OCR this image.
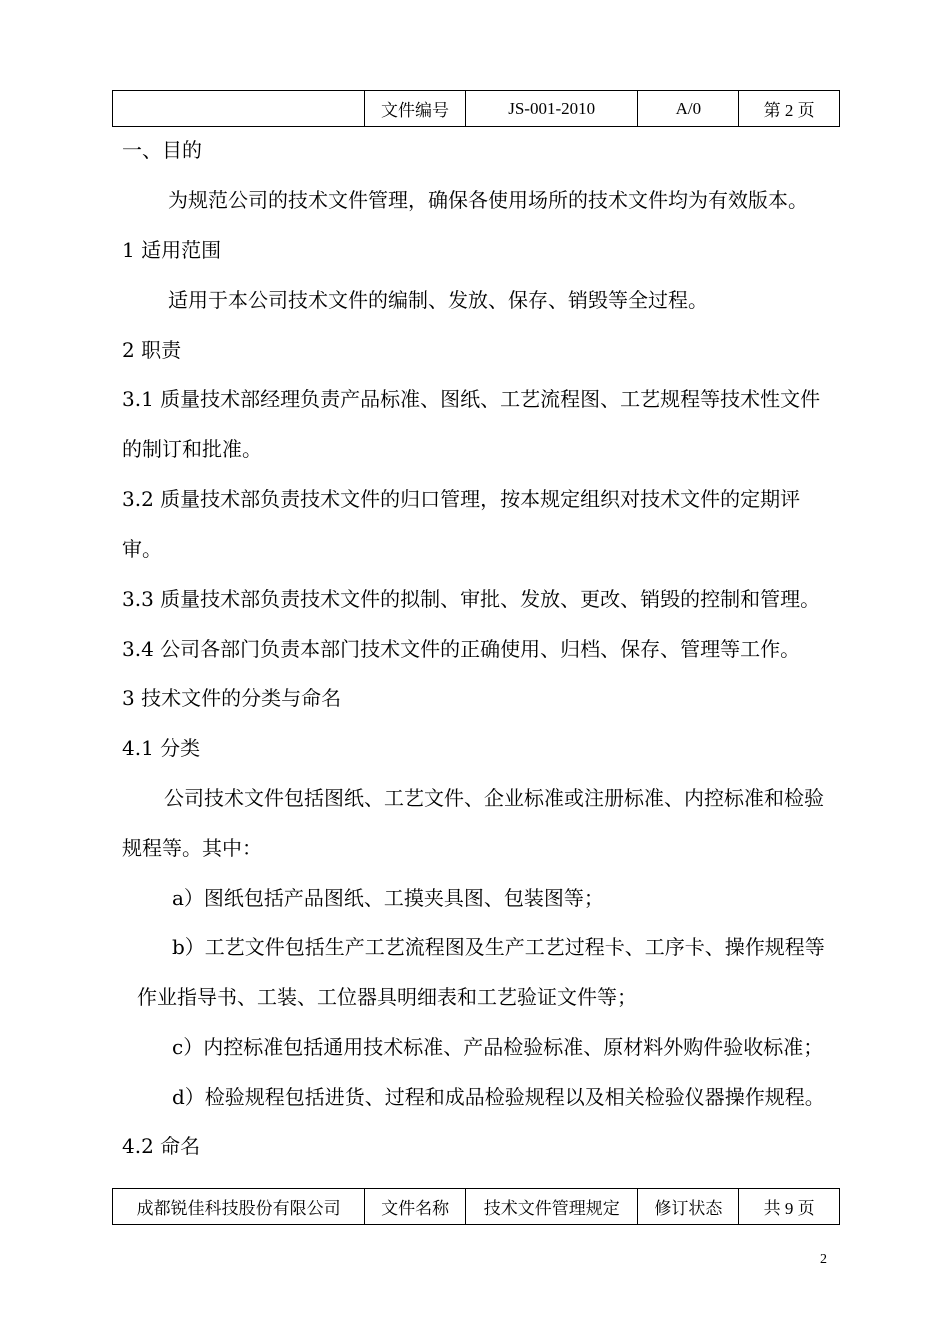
	文件编号	JS-001-2010	A/0	第 2 页
一、目的
为规范公司的技术文件管理，确保各使用场所的技术文件均为有效版本。
1 适用范围
适用于本公司技术文件的编制、发放、保存、销毁等全过程。
2 职责
3.1 质量技术部经理负责产品标准、图纸、工艺流程图、工艺规程等技术性文件
的制订和批准。
3.2 质量技术部负责技术文件的归口管理，按本规定组织对技术文件的定期评
审。
3.3 质量技术部负责技术文件的拟制、审批、发放、更改、销毁的控制和管理。
3.4 公司各部门负责本部门技术文件的正确使用、归档、保存、管理等工作。
3 技术文件的分类与命名
4.1 分类
公司技术文件包括图纸、工艺文件、企业标准或注册标准、内控标准和检验
规程等。其中：
a）图纸包括产品图纸、工摸夹具图、包装图等；
b）工艺文件包括生产工艺流程图及生产工艺过程卡、工序卡、操作规程等
作业指导书、工装、工位器具明细表和工艺验证文件等；
c）内控标准包括通用技术标准、产品检验标准、原材料外购件验收标准；
d）检验规程包括进货、过程和成品检验规程以及相关检验仪器操作规程。
4.2 命名
成都锐佳科技股份有限公司	文件名称	技术文件管理规定	修订状态	共 9 页
2
